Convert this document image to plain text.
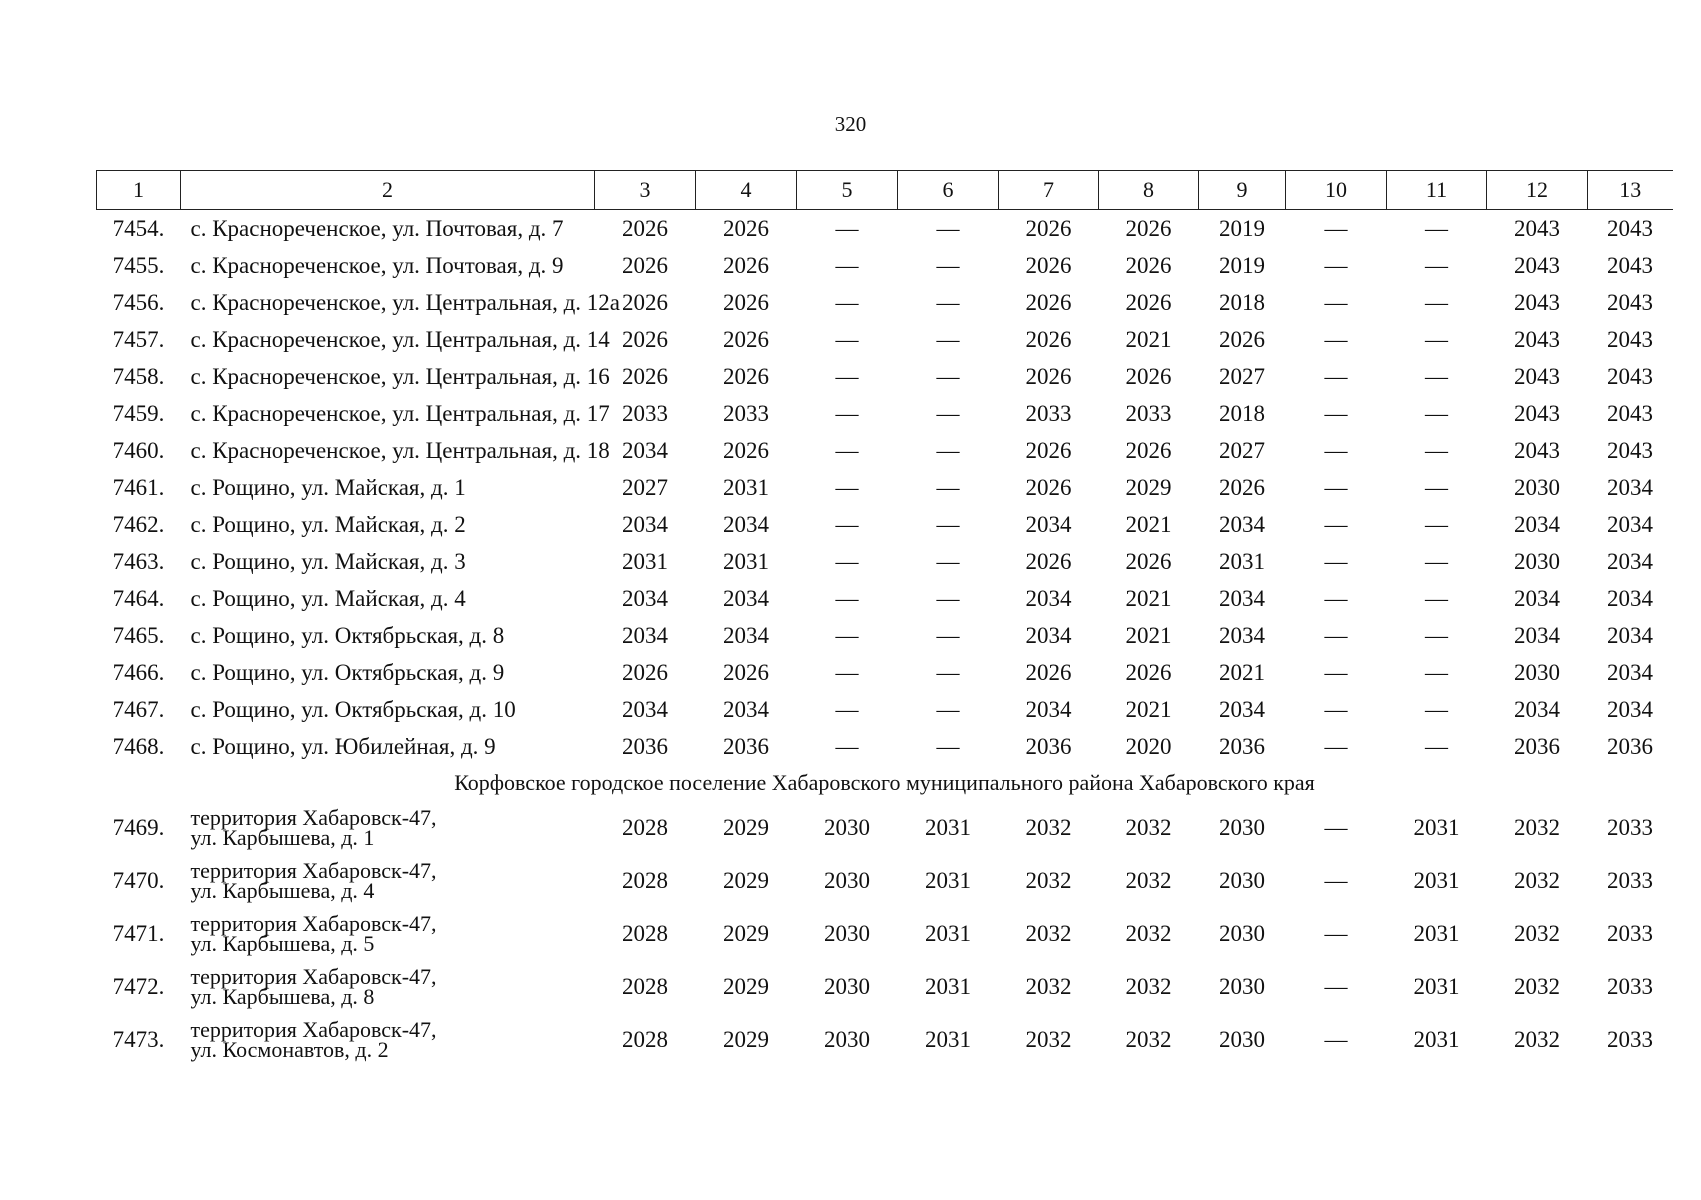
320
1	2	3	4	5	6	7	8	9	10	11	12	13
7454.	с. Краснореченское, ул. Почтовая, д. 7	2026	2026	—	—	2026	2026	2019	—	—	2043	2043
7455.	с. Краснореченское, ул. Почтовая, д. 9	2026	2026	—	—	2026	2026	2019	—	—	2043	2043
7456.	с. Краснореченское, ул. Центральная, д. 12а	2026	2026	—	—	2026	2026	2018	—	—	2043	2043
7457.	с. Краснореченское, ул. Центральная, д. 14	2026	2026	—	—	2026	2021	2026	—	—	2043	2043
7458.	с. Краснореченское, ул. Центральная, д. 16	2026	2026	—	—	2026	2026	2027	—	—	2043	2043
7459.	с. Краснореченское, ул. Центральная, д. 17	2033	2033	—	—	2033	2033	2018	—	—	2043	2043
7460.	с. Краснореченское, ул. Центральная, д. 18	2034	2026	—	—	2026	2026	2027	—	—	2043	2043
7461.	с. Рощино, ул. Майская, д. 1	2027	2031	—	—	2026	2029	2026	—	—	2030	2034
7462.	с. Рощино, ул. Майская, д. 2	2034	2034	—	—	2034	2021	2034	—	—	2034	2034
7463.	с. Рощино, ул. Майская, д. 3	2031	2031	—	—	2026	2026	2031	—	—	2030	2034
7464.	с. Рощино, ул. Майская, д. 4	2034	2034	—	—	2034	2021	2034	—	—	2034	2034
7465.	с. Рощино, ул. Октябрьская, д. 8	2034	2034	—	—	2034	2021	2034	—	—	2034	2034
7466.	с. Рощино, ул. Октябрьская, д. 9	2026	2026	—	—	2026	2026	2021	—	—	2030	2034
7467.	с. Рощино, ул. Октябрьская, д. 10	2034	2034	—	—	2034	2021	2034	—	—	2034	2034
7468.	с. Рощино, ул. Юбилейная, д. 9	2036	2036	—	—	2036	2020	2036	—	—	2036	2036
Корфовское городское поселение Хабаровского муниципального района Хабаровского края												
7469.	территория Хабаровск-47,
ул. Карбышева, д. 1	2028	2029	2030	2031	2032	2032	2030	—	2031	2032	2033
7470.	территория Хабаровск-47,
ул. Карбышева, д. 4	2028	2029	2030	2031	2032	2032	2030	—	2031	2032	2033
7471.	территория Хабаровск-47,
ул. Карбышева, д. 5	2028	2029	2030	2031	2032	2032	2030	—	2031	2032	2033
7472.	территория Хабаровск-47,
ул. Карбышева, д. 8	2028	2029	2030	2031	2032	2032	2030	—	2031	2032	2033
7473.	территория Хабаровск-47,
ул. Космонавтов, д. 2	2028	2029	2030	2031	2032	2032	2030	—	2031	2032	2033
